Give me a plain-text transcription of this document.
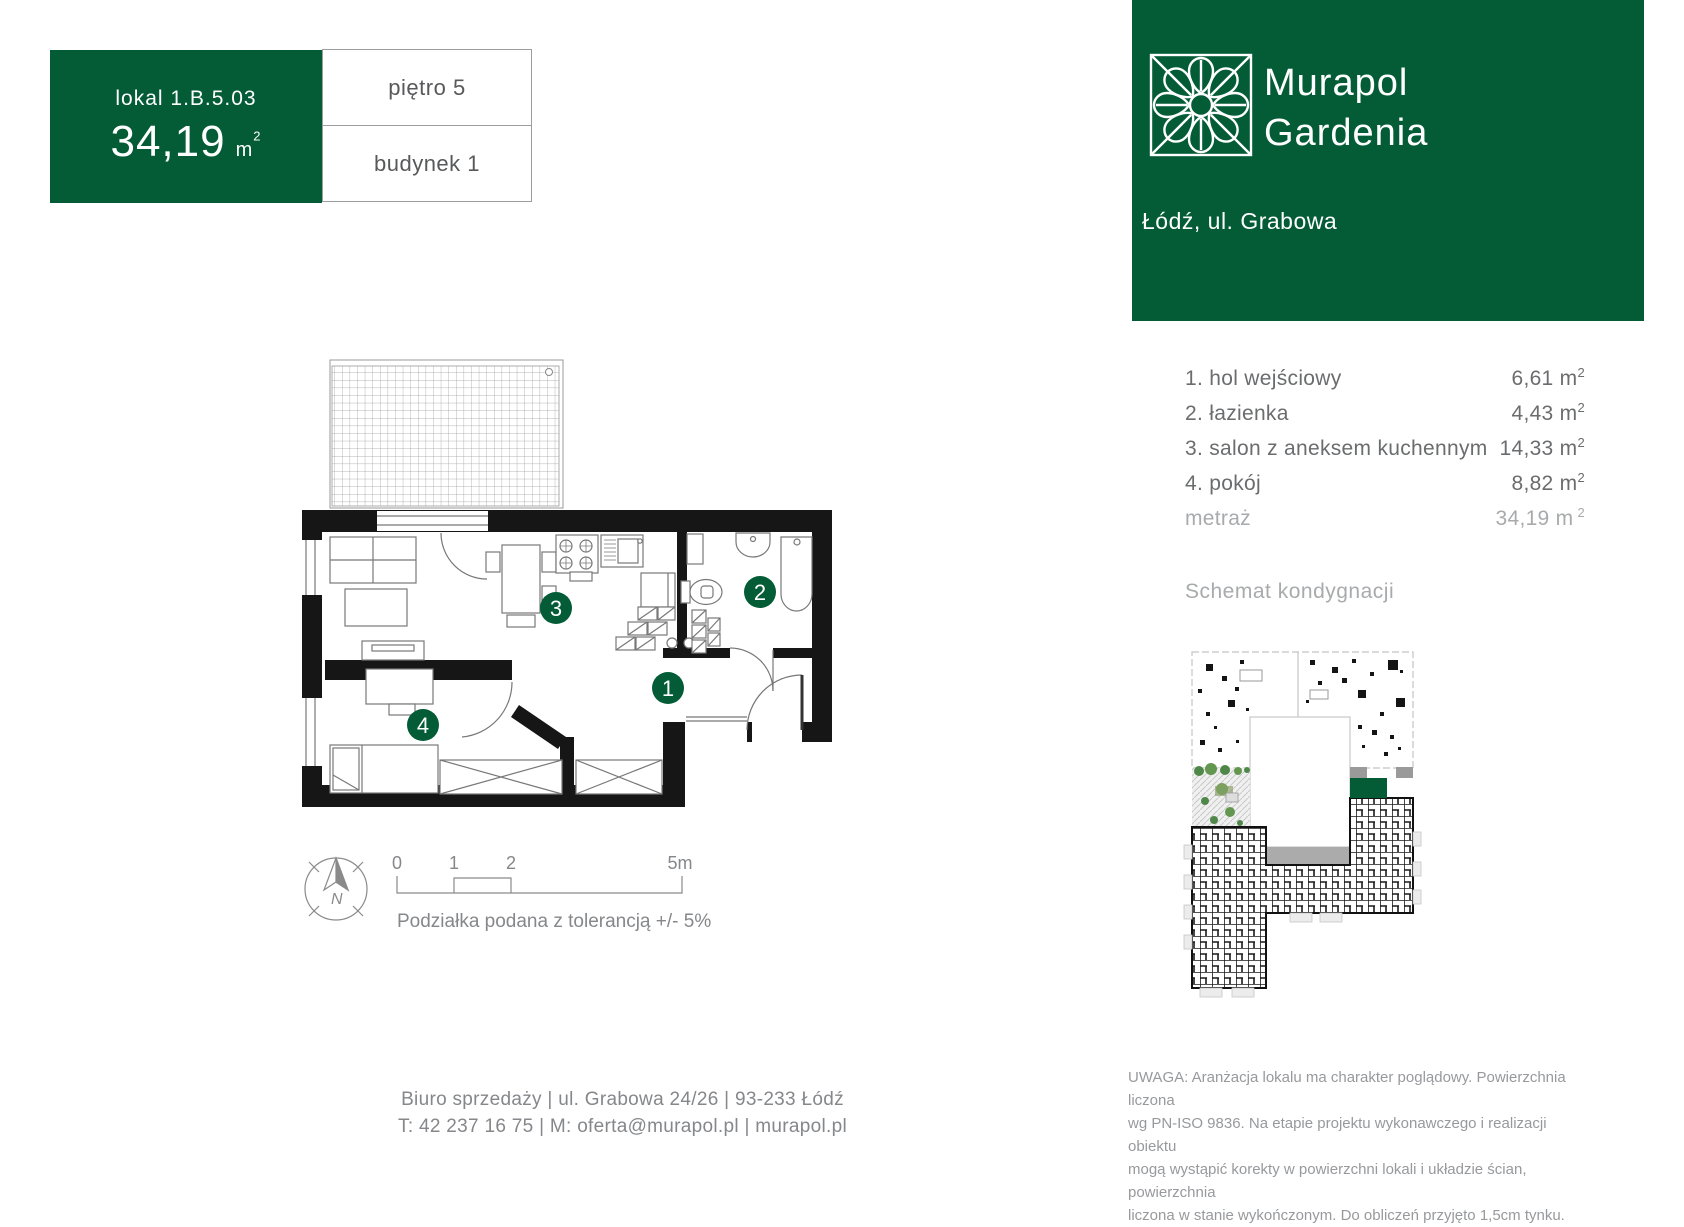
lokal 1.B.5.03
34,19 $m^2$
piętro 5
budynek 1
Murapol
Gardenia
Łódź, ul. Grabowa
1. hol wejściowy	6,61 $m^2$
2. łazienka	4,43 $m^2$
3. salon z aneksem kuchennym 14,33 $m^2$
4. pokój	8,82 $m^2$
metraż	34,19 m $^2$
Schemat kondygnacji
3
2
1
4
N
0	1	2	5m
Podziałka podana z tolerancją +/- 5%
Biuro sprzedaży | ul. Grabowa 24/26 | 93-233 Łódź
T: 42 237 16 75 | M: oferta@murapol.pl | murapol.pl
UWAGA: Aranżacja lokalu ma charakter poglądowy. Powierzchnia liczona
wg PN-ISO 9836. Na etapie projektu wykonawczego i realizacji obiektu
mogą wystąpić korekty w powierzchni lokali i układzie ścian, powierzchnia
liczona w stanie wykończonym. Do obliczeń przyjęto 1,5cm tynku.
